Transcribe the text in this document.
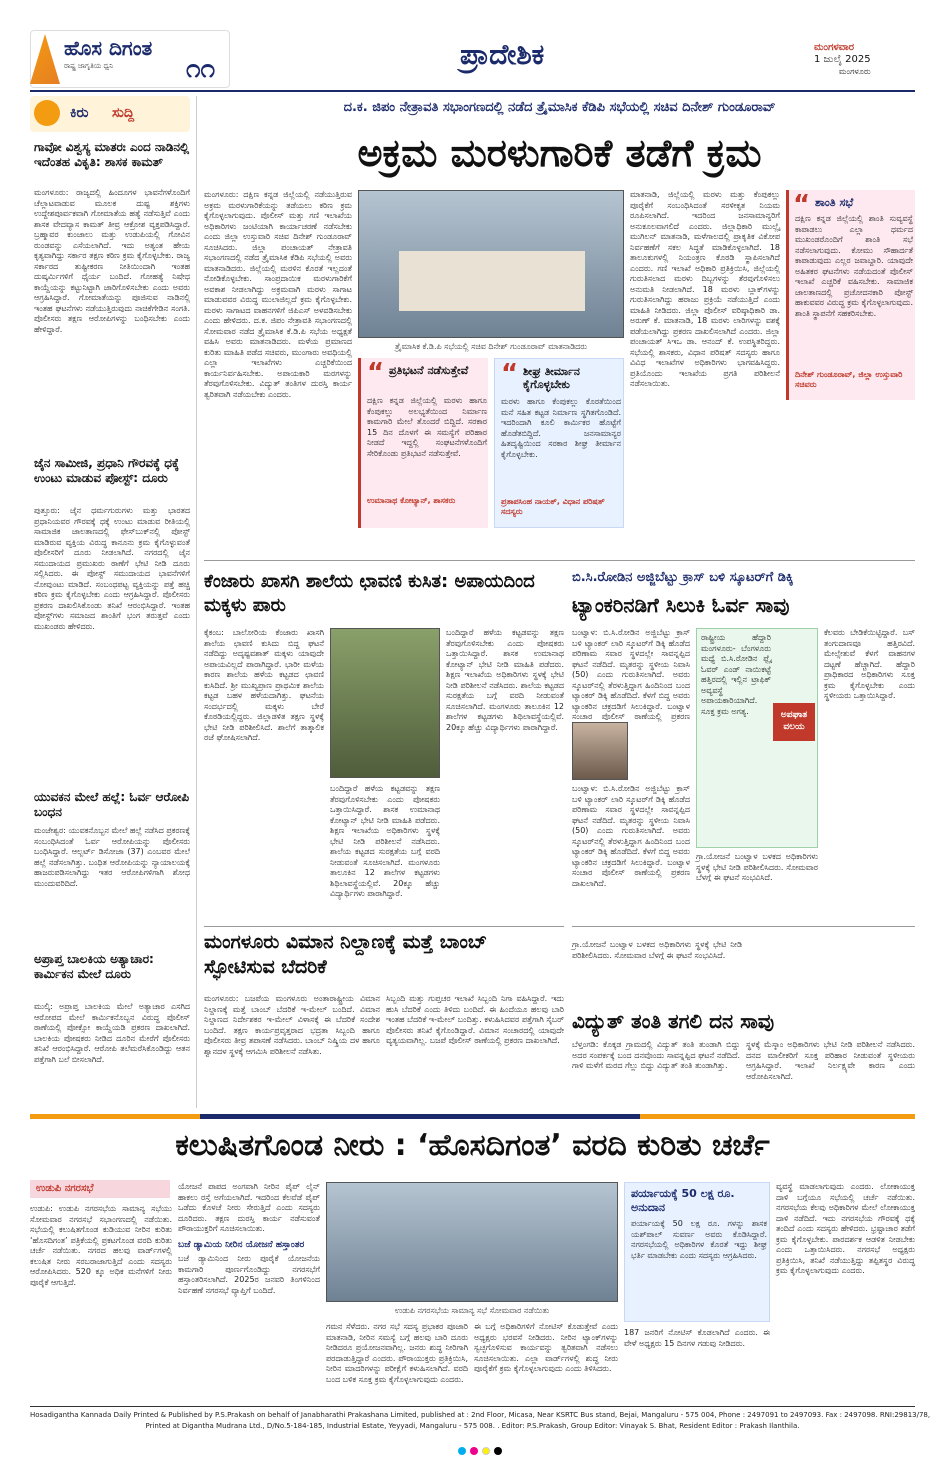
ಹೊಸ ದಿಗಂತ
ರಾಷ್ಟ್ರ ಜಾಗೃತಿಯ ಧ್ವನಿ	೧೧	ಪ್ರಾದೇಶಿಕ	ಮಂಗಳವಾರ
1 ಜುಲೈ 2025
ಮಂಗಳೂರು
ಕಿರು ಸುದ್ದಿ
ಗಾವೋ ವಿಶ್ವಸ್ಯ ಮಾತರಃ ಎಂದ ನಾಡಿನಲ್ಲಿ ಇದೆಂತಹ ವಿಕೃತಿ: ಶಾಸಕ ಕಾಮತ್
ಮಂಗಳೂರು: ರಾಜ್ಯದಲ್ಲಿ ಹಿಂದೂಗಳ ಭಾವನೆಗಳೊಂದಿಗೆ ಚೆಲ್ಲಾಟವಾಡುವ ಮೂಲಕ ದುಷ್ಟ ಶಕ್ತಿಗಳು ಉದ್ದೇಶಪೂರ್ವಕವಾಗಿ ಗೋಮಾತೆಯ ಹತ್ಯೆ ನಡೆಸುತ್ತಿವೆ ಎಂದು ಶಾಸಕ ವೇದವ್ಯಾಸ ಕಾಮತ್ ತೀವ್ರ ಆಕ್ರೋಶ ವ್ಯಕ್ತಪಡಿಸಿದ್ದಾರೆ. ಬ್ರಹ್ಮಾವರ ಕುಂಜಾಲು ಮತ್ತು ಉಡುಪಿಯಲ್ಲಿ ಗೋವಿನ ರುಂಡವನ್ನು ಎಸೆಯಲಾಗಿದೆ. ಇದು ಅತ್ಯಂತ ಹೇಯ ಕೃತ್ಯವಾಗಿದ್ದು ಸರ್ಕಾರ ತಕ್ಷಣ ಕಠಿಣ ಕ್ರಮ ಕೈಗೊಳ್ಳಬೇಕು. ರಾಜ್ಯ ಸರ್ಕಾರದ ತುಷ್ಟೀಕರಣ ನೀತಿಯಿಂದಾಗಿ ಇಂತಹ ದುಷ್ಕರ್ಮಿಗಳಿಗೆ ಧೈರ್ಯ ಬಂದಿದೆ. ಗೋಹತ್ಯೆ ನಿಷೇಧ ಕಾಯ್ದೆಯನ್ನು ಕಟ್ಟುನಿಟ್ಟಾಗಿ ಜಾರಿಗೊಳಿಸಬೇಕು ಎಂದು ಅವರು ಆಗ್ರಹಿಸಿದ್ದಾರೆ. ಗೋಮಾತೆಯನ್ನು ಪೂಜಿಸುವ ನಾಡಿನಲ್ಲಿ ಇಂತಹ ಘಟನೆಗಳು ನಡೆಯುತ್ತಿರುವುದು ನಾಚಿಕೆಗೇಡಿನ ಸಂಗತಿ. ಪೊಲೀಸರು ತಕ್ಷಣ ಆರೋಪಿಗಳನ್ನು ಬಂಧಿಸಬೇಕು ಎಂದು ಹೇಳಿದ್ದಾರೆ.
ಜೈನ ಸಾಮೀಜಿ, ಪ್ರಧಾನಿ ಗೌರವಕ್ಕೆ ಧಕ್ಕೆ ಉಂಟು ಮಾಡುವ ಪೋಸ್ಟ್: ದೂರು
ಪುತ್ತೂರು: ಜೈನ ಧರ್ಮಗುರುಗಳು ಮತ್ತು ಭಾರತದ ಪ್ರಧಾನಿಯವರ ಗೌರವಕ್ಕೆ ಧಕ್ಕೆ ಉಂಟು ಮಾಡುವ ರೀತಿಯಲ್ಲಿ ಸಾಮಾಜಿಕ ಜಾಲತಾಣದಲ್ಲಿ ಫೇಸ್‌ಬುಕ್‌ನಲ್ಲಿ ಪೋಸ್ಟ್ ಮಾಡಿರುವ ವ್ಯಕ್ತಿಯ ವಿರುದ್ಧ ಕಾನೂನು ಕ್ರಮ ಕೈಗೊಳ್ಳುವಂತೆ ಪೊಲೀಸರಿಗೆ ದೂರು ನೀಡಲಾಗಿದೆ. ನಗರದಲ್ಲಿ ಜೈನ ಸಮುದಾಯದ ಪ್ರಮುಖರು ಠಾಣೆಗೆ ಭೇಟಿ ನೀಡಿ ದೂರು ಸಲ್ಲಿಸಿದರು. ಈ ಪೋಸ್ಟ್ ಸಮುದಾಯದ ಭಾವನೆಗಳಿಗೆ ನೋವುಂಟು ಮಾಡಿದೆ. ಸಂಬಂಧಪಟ್ಟ ವ್ಯಕ್ತಿಯನ್ನು ಪತ್ತೆ ಹಚ್ಚಿ ಕಠಿಣ ಕ್ರಮ ಕೈಗೊಳ್ಳಬೇಕು ಎಂದು ಆಗ್ರಹಿಸಿದ್ದಾರೆ. ಪೊಲೀಸರು ಪ್ರಕರಣ ದಾಖಲಿಸಿಕೊಂಡು ತನಿಖೆ ಆರಂಭಿಸಿದ್ದಾರೆ. ಇಂತಹ ಪೋಸ್ಟ್‌ಗಳು ಸಮಾಜದ ಶಾಂತಿಗೆ ಭಂಗ ತರುತ್ತವೆ ಎಂದು ಮುಖಂಡರು ಹೇಳಿದರು.
ಯುವಕನ ಮೇಲೆ ಹಲ್ಲೆ: ಓರ್ವ ಆರೋಪಿ ಬಂಧನ
ಮಂಜೇಶ್ವರ: ಯುವಕನೊಬ್ಬನ ಮೇಲೆ ಹಲ್ಲೆ ನಡೆಸಿದ ಪ್ರಕರಣಕ್ಕೆ ಸಂಬಂಧಿಸಿದಂತೆ ಓರ್ವ ಆರೋಪಿಯನ್ನು ಪೊಲೀಸರು ಬಂಧಿಸಿದ್ದಾರೆ. ಆಲ್ಬರ್ಟ್ ಡಿಸೋಜಾ (37) ಎಂಬವರ ಮೇಲೆ ಹಲ್ಲೆ ನಡೆಸಲಾಗಿತ್ತು. ಬಂಧಿತ ಆರೋಪಿಯನ್ನು ನ್ಯಾಯಾಲಯಕ್ಕೆ ಹಾಜರುಪಡಿಸಲಾಗಿದ್ದು ಇತರ ಆರೋಪಿಗಳಿಗಾಗಿ ಶೋಧ ಮುಂದುವರಿದಿದೆ.
ಅಪ್ರಾಪ್ತ ಬಾಲಕಿಯ ಅತ್ಯಾಚಾರ: ಕಾರ್ಮಿಕನ ಮೇಲೆ ದೂರು
ಮುಲ್ಕಿ: ಅಪ್ರಾಪ್ತ ಬಾಲಕಿಯ ಮೇಲೆ ಅತ್ಯಾಚಾರ ಎಸಗಿದ ಆರೋಪದ ಮೇಲೆ ಕಾರ್ಮಿಕನೊಬ್ಬನ ವಿರುದ್ಧ ಪೊಲೀಸ್ ಠಾಣೆಯಲ್ಲಿ ಪೋಕ್ಸೋ ಕಾಯ್ದೆಯಡಿ ಪ್ರಕರಣ ದಾಖಲಾಗಿದೆ. ಬಾಲಕಿಯ ಪೋಷಕರು ನೀಡಿದ ದೂರಿನ ಮೇರೆಗೆ ಪೊಲೀಸರು ತನಿಖೆ ಆರಂಭಿಸಿದ್ದಾರೆ. ಆರೋಪಿ ತಲೆಮರೆಸಿಕೊಂಡಿದ್ದು ಆತನ ಪತ್ತೆಗಾಗಿ ಬಲೆ ಬೀಸಲಾಗಿದೆ.
ದ.ಕ. ಜಿಪಂ ನೇತ್ರಾವತಿ ಸಭಾಂಗಣದಲ್ಲಿ ನಡೆದ ತ್ರೈಮಾಸಿಕ ಕೆಡಿಪಿ ಸಭೆಯಲ್ಲಿ ಸಚಿವ ದಿನೇಶ್ ಗುಂಡೂರಾವ್
ಅಕ್ರಮ ಮರಳುಗಾರಿಕೆ ತಡೆಗೆ ಕ್ರಮ
ಮಂಗಳೂರು: ದಕ್ಷಿಣ ಕನ್ನಡ ಜಿಲ್ಲೆಯಲ್ಲಿ ನಡೆಯುತ್ತಿರುವ ಅಕ್ರಮ ಮರಳುಗಾರಿಕೆಯನ್ನು ತಡೆಯಲು ಕಠಿಣ ಕ್ರಮ ಕೈಗೊಳ್ಳಲಾಗುವುದು. ಪೊಲೀಸ್ ಮತ್ತು ಗಣಿ ಇಲಾಖೆಯ ಅಧಿಕಾರಿಗಳು ಜಂಟಿಯಾಗಿ ಕಾರ್ಯಾಚರಣೆ ನಡೆಸಬೇಕು ಎಂದು ಜಿಲ್ಲಾ ಉಸ್ತುವಾರಿ ಸಚಿವ ದಿನೇಶ್ ಗುಂಡೂರಾವ್ ಸೂಚಿಸಿದರು. ಜಿಲ್ಲಾ ಪಂಚಾಯತ್ ನೇತ್ರಾವತಿ ಸಭಾಂಗಣದಲ್ಲಿ ನಡೆದ ತ್ರೈಮಾಸಿಕ ಕೆಡಿಪಿ ಸಭೆಯಲ್ಲಿ ಅವರು ಮಾತನಾಡಿದರು. ಜಿಲ್ಲೆಯಲ್ಲಿ ಮರಳಿನ ಕೊರತೆ ಇಲ್ಲದಂತೆ ನೋಡಿಕೊಳ್ಳಬೇಕು. ಸಾಂಪ್ರದಾಯಿಕ ಮರಳುಗಾರಿಕೆಗೆ ಅವಕಾಶ ನೀಡಲಾಗಿದ್ದು ಅಕ್ರಮವಾಗಿ ಮರಳು ಸಾಗಾಟ ಮಾಡುವವರ ವಿರುದ್ಧ ಮುಲಾಜಿಲ್ಲದೆ ಕ್ರಮ ಕೈಗೊಳ್ಳಬೇಕು. ಮರಳು ಸಾಗಾಟದ ವಾಹನಗಳಿಗೆ ಜಿಪಿಎಸ್ ಅಳವಡಿಸಬೇಕು ಎಂದು ಹೇಳಿದರು. ದ.ಕ. ಜಿಪಂ ನೇತ್ರಾವತಿ ಸಭಾಂಗಣದಲ್ಲಿ ಸೋಮವಾರ ನಡೆದ ತ್ರೈಮಾಸಿಕ ಕೆ.ಡಿ.ಪಿ ಸಭೆಯ ಅಧ್ಯಕ್ಷತೆ ವಹಿಸಿ ಅವರು ಮಾತನಾಡಿದರು. ಮಳೆಯ ಪ್ರಮಾಣದ ಕುರಿತು ಮಾಹಿತಿ ಪಡೆದ ಸಚಿವರು, ಮುಂಗಾರು ಅವಧಿಯಲ್ಲಿ ಎಲ್ಲಾ ಇಲಾಖೆಗಳು ಎಚ್ಚರಿಕೆಯಿಂದ ಕಾರ್ಯನಿರ್ವಹಿಸಬೇಕು. ಅಪಾಯಕಾರಿ ಮರಗಳನ್ನು ತೆರವುಗೊಳಿಸಬೇಕು. ವಿದ್ಯುತ್ ತಂತಿಗಳ ದುರಸ್ತಿ ಕಾರ್ಯ ತ್ವರಿತವಾಗಿ ನಡೆಯಬೇಕು ಎಂದರು.
ತ್ರೈಮಾಸಿಕ ಕೆ.ಡಿ.ಪಿ ಸಭೆಯಲ್ಲಿ ಸಚಿವ ದಿನೇಶ್ ಗುಂಡೂರಾವ್ ಮಾತನಾಡಿದರು
“ ಪ್ರತಿಭಟನೆ ನಡೆಸುತ್ತೇವೆ
ದಕ್ಷಿಣ ಕನ್ನಡ ಜಿಲ್ಲೆಯಲ್ಲಿ ಮರಳು ಹಾಗೂ ಕೆಂಪುಕಲ್ಲು ಅಲಭ್ಯತೆಯಿಂದ ನಿರ್ಮಾಣ ಕಾಮಗಾರಿ ಮೇಲೆ ತೊಂದರೆ ಬಿದ್ದಿದೆ. ಸರಕಾರ 15 ದಿನ ದೊಳಗೆ ಈ ಸಮಸ್ಯೆಗೆ ಪರಿಹಾರ ನೀಡದೆ ಇದ್ದಲ್ಲಿ ಸಂಘಟನೆಗಳೊಂದಿಗೆ ಸೇರಿಕೊಂಡು ಪ್ರತಿಭಟನೆ ನಡೆಸುತ್ತೇವೆ.
ಉಮಾನಾಥ ಕೋಟ್ಯಾನ್, ಶಾಸಕರು
“ ಶೀಘ್ರ ತೀರ್ಮಾನ ಕೈಗೊಳ್ಳಬೇಕು
ಮರಳು ಹಾಗೂ ಕೆಂಪುಕಲ್ಲು ಕೊರತೆಯಿಂದ ಮನೆ ಸಹಿತ ಕಟ್ಟಡ ನಿರ್ಮಾಣ ಸ್ಥಗಿತಗೊಂಡಿದೆ. ಇದರಿಂದಾಗಿ ಕೂಲಿ ಕಾರ್ಮಿಕರ ಹೊಟ್ಟೆಗೆ ಹೊಡೆತಬಿದ್ದಿದೆ. ಜನಸಾಮಾನ್ಯರ ಹಿತದೃಷ್ಟಿಯಿಂದ ಸರಕಾರ ಶೀಘ್ರ ತೀರ್ಮಾನ ಕೈಗೊಳ್ಳಬೇಕು.
ಪ್ರತಾಪಸಿಂಹ ನಾಯಕ್, ವಿಧಾನ ಪರಿಷತ್ ಸದಸ್ಯರು
ಮಾತನಾಡಿ, ಜಿಲ್ಲೆಯಲ್ಲಿ ಮರಳು ಮತ್ತು ಕೆಂಪುಕಲ್ಲು ಪೂರೈಕೆಗೆ ಸಂಬಂಧಿಸಿದಂತೆ ಸರಳೀಕೃತ ನಿಯಮ ರೂಪಿಸಲಾಗಿದೆ. ಇದರಿಂದ ಜನಸಾಮಾನ್ಯರಿಗೆ ಅನುಕೂಲವಾಗಲಿದೆ ಎಂದರು. ಜಿಲ್ಲಾಧಿಕಾರಿ ಮುಲ್ಲೈ ಮುಗಿಲನ್ ಮಾತನಾಡಿ, ಮಳೆಗಾಲದಲ್ಲಿ ಪ್ರಾಕೃತಿಕ ವಿಕೋಪ ನಿರ್ವಹಣೆಗೆ ಸಕಲ ಸಿದ್ಧತೆ ಮಾಡಿಕೊಳ್ಳಲಾಗಿದೆ. 18 ತಾಲೂಕುಗಳಲ್ಲಿ ನಿಯಂತ್ರಣ ಕೊಠಡಿ ಸ್ಥಾಪಿಸಲಾಗಿದೆ ಎಂದರು. ಗಣಿ ಇಲಾಖೆ ಅಧಿಕಾರಿ ಪ್ರತಿಕ್ರಿಯಿಸಿ, ಜಿಲ್ಲೆಯಲ್ಲಿ ಗುರುತಿಸಲಾದ ಮರಳು ದಿಬ್ಬಗಳನ್ನು ತೆರವುಗೊಳಿಸಲು ಅನುಮತಿ ನೀಡಲಾಗಿದೆ. 18 ಮರಳು ಬ್ಲಾಕ್‌ಗಳನ್ನು ಗುರುತಿಸಲಾಗಿದ್ದು ಹರಾಜು ಪ್ರಕ್ರಿಯೆ ನಡೆಯುತ್ತಿದೆ ಎಂದು ಮಾಹಿತಿ ನೀಡಿದರು. ಜಿಲ್ಲಾ ಪೊಲೀಸ್ ವರಿಷ್ಠಾಧಿಕಾರಿ ಡಾ. ಅರುಣ್ ಕೆ. ಮಾತನಾಡಿ, 18 ಮರಳು ಲಾರಿಗಳನ್ನು ವಶಕ್ಕೆ ಪಡೆಯಲಾಗಿದ್ದು ಪ್ರಕರಣ ದಾಖಲಿಸಲಾಗಿದೆ ಎಂದರು. ಜಿಲ್ಲಾ ಪಂಚಾಯತ್ ಸಿಇಒ ಡಾ. ಆನಂದ್ ಕೆ. ಉಪಸ್ಥಿತರಿದ್ದರು. ಸಭೆಯಲ್ಲಿ ಶಾಸಕರು, ವಿಧಾನ ಪರಿಷತ್ ಸದಸ್ಯರು ಹಾಗೂ ವಿವಿಧ ಇಲಾಖೆಗಳ ಅಧಿಕಾರಿಗಳು ಭಾಗವಹಿಸಿದ್ದರು. ಪ್ರತಿಯೊಂದು ಇಲಾಖೆಯ ಪ್ರಗತಿ ಪರಿಶೀಲನೆ ನಡೆಸಲಾಯಿತು.
“ ಶಾಂತಿ ಸಭೆ
ದಕ್ಷಿಣ ಕನ್ನಡ ಜಿಲ್ಲೆಯಲ್ಲಿ ಶಾಂತಿ ಸುವ್ಯವಸ್ಥೆ ಕಾಪಾಡಲು ಎಲ್ಲಾ ಧರ್ಮದ ಮುಖಂಡರೊಂದಿಗೆ ಶಾಂತಿ ಸಭೆ ನಡೆಸಲಾಗುವುದು. ಕೋಮು ಸೌಹಾರ್ದತೆ ಕಾಪಾಡುವುದು ಎಲ್ಲರ ಜವಾಬ್ದಾರಿ. ಯಾವುದೇ ಅಹಿತಕರ ಘಟನೆಗಳು ನಡೆಯದಂತೆ ಪೊಲೀಸ್ ಇಲಾಖೆ ಎಚ್ಚರಿಕೆ ವಹಿಸಬೇಕು. ಸಾಮಾಜಿಕ ಜಾಲತಾಣದಲ್ಲಿ ಪ್ರಚೋದನಕಾರಿ ಪೋಸ್ಟ್ ಹಾಕುವವರ ವಿರುದ್ಧ ಕ್ರಮ ಕೈಗೊಳ್ಳಲಾಗುವುದು. ಶಾಂತಿ ಸ್ಥಾಪನೆಗೆ ಸಹಕರಿಸಬೇಕು.
ದಿನೇಶ್ ಗುಂಡೂರಾವ್, ಜಿಲ್ಲಾ ಉಸ್ತುವಾರಿ ಸಚಿವರು
ಕೆಂಜಾರು ಖಾಸಗಿ ಶಾಲೆಯ ಛಾವಣಿ ಕುಸಿತ: ಅಪಾಯದಿಂದ ಮಕ್ಕಳು ಪಾರು
ಕೈಕಂಬ: ಬಾಲೋರಿಯ ಕೆಂಜಾರು ಖಾಸಗಿ ಶಾಲೆಯ ಛಾವಣಿ ಕುಸಿದು ಬಿದ್ದ ಘಟನೆ ನಡೆದಿದ್ದು ಅದೃಷ್ಟವಶಾತ್ ಮಕ್ಕಳು ಯಾವುದೇ ಅಪಾಯವಿಲ್ಲದೆ ಪಾರಾಗಿದ್ದಾರೆ. ಭಾರೀ ಮಳೆಯ ಕಾರಣ ಶಾಲೆಯ ಹಳೆಯ ಕಟ್ಟಡದ ಛಾವಣಿ ಕುಸಿದಿದೆ. ಶ್ರೀ ಮುಖ್ಯಪ್ರಾಣ ಪ್ರಾಥಮಿಕ ಶಾಲೆಯ ಕಟ್ಟಡ ಬಹಳ ಹಳೆಯದಾಗಿತ್ತು. ಘಟನೆಯ ಸಂದರ್ಭದಲ್ಲಿ ಮಕ್ಕಳು ಬೇರೆ ಕೊಠಡಿಯಲ್ಲಿದ್ದರು. ಜಿಲ್ಲಾಡಳಿತ ತಕ್ಷಣ ಸ್ಥಳಕ್ಕೆ ಭೇಟಿ ನೀಡಿ ಪರಿಶೀಲಿಸಿದೆ. ಶಾಲೆಗೆ ತಾತ್ಕಾಲಿಕ ರಜೆ ಘೋಷಿಸಲಾಗಿದೆ.
ಬಂದಿದ್ದಾರೆ ಹಳೆಯ ಕಟ್ಟಡವನ್ನು ತಕ್ಷಣ ತೆರವುಗೊಳಿಸಬೇಕು ಎಂದು ಪೋಷಕರು ಒತ್ತಾಯಿಸಿದ್ದಾರೆ. ಶಾಸಕ ಉಮಾನಾಥ ಕೋಟ್ಯಾನ್ ಭೇಟಿ ನೀಡಿ ಮಾಹಿತಿ ಪಡೆದರು. ಶಿಕ್ಷಣ ಇಲಾಖೆಯ ಅಧಿಕಾರಿಗಳು ಸ್ಥಳಕ್ಕೆ ಭೇಟಿ ನೀಡಿ ಪರಿಶೀಲನೆ ನಡೆಸಿದರು. ಶಾಲೆಯ ಕಟ್ಟಡದ ಸುರಕ್ಷತೆಯ ಬಗ್ಗೆ ವರದಿ ನೀಡುವಂತೆ ಸೂಚಿಸಲಾಗಿದೆ. ಮಂಗಳೂರು ತಾಲೂಕಿನ 12 ಶಾಲೆಗಳ ಕಟ್ಟಡಗಳು ಶಿಥಿಲಾವಸ್ಥೆಯಲ್ಲಿವೆ. 20ಕ್ಕೂ ಹೆಚ್ಚು ವಿದ್ಯಾರ್ಥಿಗಳು ಪಾರಾಗಿದ್ದಾರೆ.
ಬಂದಿದ್ದಾರೆ ಹಳೆಯ ಕಟ್ಟಡವನ್ನು ತಕ್ಷಣ ತೆರವುಗೊಳಿಸಬೇಕು ಎಂದು ಪೋಷಕರು ಒತ್ತಾಯಿಸಿದ್ದಾರೆ. ಶಾಸಕ ಉಮಾನಾಥ ಕೋಟ್ಯಾನ್ ಭೇಟಿ ನೀಡಿ ಮಾಹಿತಿ ಪಡೆದರು. ಶಿಕ್ಷಣ ಇಲಾಖೆಯ ಅಧಿಕಾರಿಗಳು ಸ್ಥಳಕ್ಕೆ ಭೇಟಿ ನೀಡಿ ಪರಿಶೀಲನೆ ನಡೆಸಿದರು. ಶಾಲೆಯ ಕಟ್ಟಡದ ಸುರಕ್ಷತೆಯ ಬಗ್ಗೆ ವರದಿ ನೀಡುವಂತೆ ಸೂಚಿಸಲಾಗಿದೆ. ಮಂಗಳೂರು ತಾಲೂಕಿನ 12 ಶಾಲೆಗಳ ಕಟ್ಟಡಗಳು ಶಿಥಿಲಾವಸ್ಥೆಯಲ್ಲಿವೆ. 20ಕ್ಕೂ ಹೆಚ್ಚು ವಿದ್ಯಾರ್ಥಿಗಳು ಪಾರಾಗಿದ್ದಾರೆ.
ಬಿ.ಸಿ.ರೋಡಿನ ಅಜ್ಜಿಬೆಟ್ಟು ಕ್ರಾಸ್ ಬಳಿ ಸ್ಕೂಟರ್‌ಗೆ ಡಿಕ್ಕಿ
ಟ್ಯಾಂಕರಿನಡಿಗೆ ಸಿಲುಕಿ ಓರ್ವ ಸಾವು
ಬಂಟ್ವಾಳ: ಬಿ.ಸಿ.ರೋಡಿನ ಅಜ್ಜಿಬೆಟ್ಟು ಕ್ರಾಸ್ ಬಳಿ ಟ್ಯಾಂಕರ್ ಲಾರಿ ಸ್ಕೂಟರ್‌ಗೆ ಡಿಕ್ಕಿ ಹೊಡೆದ ಪರಿಣಾಮ ಸವಾರ ಸ್ಥಳದಲ್ಲೇ ಸಾವನ್ನಪ್ಪಿದ ಘಟನೆ ನಡೆದಿದೆ. ಮೃತರನ್ನು ಸ್ಥಳೀಯ ನಿವಾಸಿ (50) ಎಂದು ಗುರುತಿಸಲಾಗಿದೆ. ಅವರು ಸ್ಕೂಟರ್‌ನಲ್ಲಿ ತೆರಳುತ್ತಿದ್ದಾಗ ಹಿಂದಿನಿಂದ ಬಂದ ಟ್ಯಾಂಕರ್ ಡಿಕ್ಕಿ ಹೊಡೆದಿದೆ. ಕೆಳಗೆ ಬಿದ್ದ ಅವರು ಟ್ಯಾಂಕರಿನ ಚಕ್ರದಡಿಗೆ ಸಿಲುಕಿದ್ದಾರೆ. ಬಂಟ್ವಾಳ ಸಂಚಾರ ಪೊಲೀಸ್ ಠಾಣೆಯಲ್ಲಿ ಪ್ರಕರಣ
ಬಂಟ್ವಾಳ: ಬಿ.ಸಿ.ರೋಡಿನ ಅಜ್ಜಿಬೆಟ್ಟು ಕ್ರಾಸ್ ಬಳಿ ಟ್ಯಾಂಕರ್ ಲಾರಿ ಸ್ಕೂಟರ್‌ಗೆ ಡಿಕ್ಕಿ ಹೊಡೆದ ಪರಿಣಾಮ ಸವಾರ ಸ್ಥಳದಲ್ಲೇ ಸಾವನ್ನಪ್ಪಿದ ಘಟನೆ ನಡೆದಿದೆ. ಮೃತರನ್ನು ಸ್ಥಳೀಯ ನಿವಾಸಿ (50) ಎಂದು ಗುರುತಿಸಲಾಗಿದೆ. ಅವರು ಸ್ಕೂಟರ್‌ನಲ್ಲಿ ತೆರಳುತ್ತಿದ್ದಾಗ ಹಿಂದಿನಿಂದ ಬಂದ ಟ್ಯಾಂಕರ್ ಡಿಕ್ಕಿ ಹೊಡೆದಿದೆ. ಕೆಳಗೆ ಬಿದ್ದ ಅವರು ಟ್ಯಾಂಕರಿನ ಚಕ್ರದಡಿಗೆ ಸಿಲುಕಿದ್ದಾರೆ. ಬಂಟ್ವಾಳ ಸಂಚಾರ ಪೊಲೀಸ್ ಠಾಣೆಯಲ್ಲಿ ಪ್ರಕರಣ ದಾಖಲಾಗಿದೆ.
ರಾಷ್ಟ್ರೀಯ ಹೆದ್ದಾರಿ ಮಂಗಳೂರು- ಬೆಂಗಳೂರು ಮಧ್ಯೆ ಬಿ.ಸಿ.ರೋಡಿನ ಫ್ಲೈ ಓವರ್ ಎಂಡ್ ನಾಯಿಕಟ್ಟೆ ಹತ್ತಿರದಲ್ಲಿ ಇಲ್ಲಿನ ಟ್ರಾಫಿಕ್ ಅವ್ಯವಸ್ಥೆ ಅಪಾಯಕಾರಿಯಾಗಿದೆ. ಸೂಕ್ತ ಕ್ರಮ ಅಗತ್ಯ.	ಅಪಘಾತ
ವಲಯ
ಗ್ರಾ.ಯೋಜನೆ ಬಂಟ್ವಾಳ ಬಳಕದ ಅಧಿಕಾರಿಗಳು ಸ್ಥಳಕ್ಕೆ ಭೇಟಿ ನೀಡಿ ಪರಿಶೀಲಿಸಿದರು. ಸೋಮವಾರ ಬೆಳಗ್ಗೆ ಈ ಘಟನೆ ಸಂಭವಿಸಿದೆ.
ಕೆಲವರು ಬೇಡಿಕೆಯಿಟ್ಟಿದ್ದಾರೆ. ಬಸ್ ತಂಗುದಾಣವೂ ಹತ್ತಿರವಿದೆ. ಮೇಲ್ಸೇತುವೆ ಕೆಳಗೆ ವಾಹನಗಳ ದಟ್ಟಣೆ ಹೆಚ್ಚಾಗಿದೆ. ಹೆದ್ದಾರಿ ಪ್ರಾಧಿಕಾರದ ಅಧಿಕಾರಿಗಳು ಸೂಕ್ತ ಕ್ರಮ ಕೈಗೊಳ್ಳಬೇಕು ಎಂದು ಸ್ಥಳೀಯರು ಒತ್ತಾಯಿಸಿದ್ದಾರೆ.
ಮಂಗಳೂರು ವಿಮಾನ ನಿಲ್ದಾಣಕ್ಕೆ ಮತ್ತೆ ಬಾಂಬ್ ಸ್ಫೋಟಿಸುವ ಬೆದರಿಕೆ
ಮಂಗಳೂರು: ಬಜಪೆಯ ಮಂಗಳೂರು ಅಂತಾರಾಷ್ಟ್ರೀಯ ವಿಮಾನ ನಿಲ್ದಾಣಕ್ಕೆ ಮತ್ತೆ ಬಾಂಬ್ ಬೆದರಿಕೆ ಇ-ಮೇಲ್ ಬಂದಿದೆ. ವಿಮಾನ ನಿಲ್ದಾಣದ ನಿರ್ದೇಶಕರ ಇ-ಮೇಲ್ ವಿಳಾಸಕ್ಕೆ ಈ ಬೆದರಿಕೆ ಸಂದೇಶ ಬಂದಿದೆ. ತಕ್ಷಣ ಕಾರ್ಯಪ್ರವೃತ್ತರಾದ ಭದ್ರತಾ ಸಿಬ್ಬಂದಿ ಹಾಗೂ ಪೊಲೀಸರು ತೀವ್ರ ತಪಾಸಣೆ ನಡೆಸಿದರು. ಬಾಂಬ್ ನಿಷ್ಕ್ರಿಯ ದಳ ಹಾಗೂ ಶ್ವಾನದಳ ಸ್ಥಳಕ್ಕೆ ಆಗಮಿಸಿ ಪರಿಶೀಲನೆ ನಡೆಸಿತು.
ಸಿಬ್ಬಂದಿ ಮತ್ತು ಗುಪ್ತಚರ ಇಲಾಖೆ ಸಿಬ್ಬಂದಿ ನಿಗಾ ವಹಿಸಿದ್ದಾರೆ. ಇದು ಹುಸಿ ಬೆದರಿಕೆ ಎಂದು ತಿಳಿದು ಬಂದಿದೆ. ಈ ಹಿಂದೆಯೂ ಹಲವು ಬಾರಿ ಇಂತಹ ಬೆದರಿಕೆ ಇ-ಮೇಲ್ ಬಂದಿತ್ತು. ಕಳುಹಿಸಿದವರ ಪತ್ತೆಗಾಗಿ ಸೈಬರ್ ಪೊಲೀಸರು ತನಿಖೆ ಕೈಗೊಂಡಿದ್ದಾರೆ. ವಿಮಾನ ಸಂಚಾರದಲ್ಲಿ ಯಾವುದೇ ವ್ಯತ್ಯಯವಾಗಿಲ್ಲ. ಬಜಪೆ ಪೊಲೀಸ್ ಠಾಣೆಯಲ್ಲಿ ಪ್ರಕರಣ ದಾಖಲಾಗಿದೆ.
ವಿದ್ಯುತ್ ತಂತಿ ತಗಲಿ ದನ ಸಾವು
ಗ್ರಾ.ಯೋಜನೆ ಬಂಟ್ವಾಳ ಬಳಕದ ಅಧಿಕಾರಿಗಳು ಸ್ಥಳಕ್ಕೆ ಭೇಟಿ ನೀಡಿ ಪರಿಶೀಲಿಸಿದರು. ಸೋಮವಾರ ಬೆಳಗ್ಗೆ ಈ ಘಟನೆ ಸಂಭವಿಸಿದೆ.
ಬೆಳ್ತಂಗಡಿ: ಕೊಕ್ಕಡ ಗ್ರಾಮದಲ್ಲಿ ವಿದ್ಯುತ್ ತಂತಿ ತುಂಡಾಗಿ ಬಿದ್ದು ಅದರ ಸಂಪರ್ಕಕ್ಕೆ ಬಂದ ದನವೊಂದು ಸಾವನ್ನಪ್ಪಿದ ಘಟನೆ ನಡೆದಿದೆ. ಗಾಳಿ ಮಳೆಗೆ ಮರದ ಗೆಲ್ಲು ಬಿದ್ದು ವಿದ್ಯುತ್ ತಂತಿ ತುಂಡಾಗಿತ್ತು.
ಸ್ಥಳಕ್ಕೆ ಮೆಸ್ಕಾಂ ಅಧಿಕಾರಿಗಳು ಭೇಟಿ ನೀಡಿ ಪರಿಶೀಲನೆ ನಡೆಸಿದರು. ದನದ ಮಾಲೀಕರಿಗೆ ಸೂಕ್ತ ಪರಿಹಾರ ನೀಡುವಂತೆ ಸ್ಥಳೀಯರು ಆಗ್ರಹಿಸಿದ್ದಾರೆ. ಇಲಾಖೆ ನಿರ್ಲಕ್ಷ್ಯವೇ ಕಾರಣ ಎಂದು ಆರೋಪಿಸಲಾಗಿದೆ.
ಕಲುಷಿತಗೊಂಡ ನೀರು : ‘ಹೊಸದಿಗಂತ’ ವರದಿ ಕುರಿತು ಚರ್ಚೆ
ಉಡುಪಿ ನಗರಸಭೆ
ಉಡುಪಿ: ಉಡುಪಿ ನಗರಸಭೆಯ ಸಾಮಾನ್ಯ ಸಭೆಯು ಸೋಮವಾರ ನಗರಸಭೆ ಸಭಾಂಗಣದಲ್ಲಿ ನಡೆಯಿತು. ಸಭೆಯಲ್ಲಿ ಕಲುಷಿತಗೊಂಡ ಕುಡಿಯುವ ನೀರಿನ ಕುರಿತು ‘ಹೊಸದಿಗಂತ’ ಪತ್ರಿಕೆಯಲ್ಲಿ ಪ್ರಕಟಗೊಂಡ ವರದಿ ಕುರಿತು ಚರ್ಚೆ ನಡೆಯಿತು. ನಗರದ ಹಲವು ವಾರ್ಡ್‌ಗಳಲ್ಲಿ ಕಲುಷಿತ ನೀರು ಸರಬರಾಜಾಗುತ್ತಿದೆ ಎಂದು ಸದಸ್ಯರು ಆರೋಪಿಸಿದರು. 520 ಕ್ಕೂ ಅಧಿಕ ಮನೆಗಳಿಗೆ ನೀರು ಪೂರೈಕೆ ಆಗುತ್ತಿದೆ.
ಯೋಜನೆ ಪಾಪದ ಅಂಗವಾಗಿ ನೀರಿನ ಪೈಪ್ ಲೈನ್ ಹಾಕಲು ರಸ್ತೆ ಅಗೆಯಲಾಗಿದೆ. ಇದರಿಂದ ಕೆಲವೆಡೆ ಪೈಪ್ ಒಡೆದು ಕೊಳಚೆ ನೀರು ಸೇರುತ್ತಿದೆ ಎಂದು ಸದಸ್ಯರು ದೂರಿದರು. ತಕ್ಷಣ ದುರಸ್ತಿ ಕಾರ್ಯ ನಡೆಸುವಂತೆ ಪೌರಾಯುಕ್ತರಿಗೆ ಸೂಚಿಸಲಾಯಿತು.
ಬಜೆ ಡ್ಯಾಮಿಯ ನೀರಿನ ಯೋಜನೆ ಹಸ್ತಾಂತರ
ಬಜೆ ಡ್ಯಾಮಿನಿಂದ ನೀರು ಪೂರೈಕೆ ಯೋಜನೆಯ ಕಾಮಗಾರಿ ಪೂರ್ಣಗೊಂಡಿದ್ದು ನಗರಸಭೆಗೆ ಹಸ್ತಾಂತರಿಸಲಾಗಿದೆ. 2025ರ ಜನವರಿ ತಿಂಗಳಿನಿಂದ ನಿರ್ವಹಣೆ ನಗರಸಭೆ ವ್ಯಾಪ್ತಿಗೆ ಬಂದಿದೆ.
ಉಡುಪಿ ನಗರಸಭೆಯ ಸಾಮಾನ್ಯ ಸಭೆ ಸೋಮವಾರ ನಡೆಯಿತು
ಗಮನ ಸೆಳೆದರು. ನಗರ ಸಭೆ ಸದಸ್ಯ ಪ್ರಭಾಕರ ಪೂಜಾರಿ ಮಾತನಾಡಿ, ನೀರಿನ ಸಮಸ್ಯೆ ಬಗ್ಗೆ ಹಲವು ಬಾರಿ ದೂರು ನೀಡಿದರೂ ಪ್ರಯೋಜನವಾಗಿಲ್ಲ. ಜನರು ಶುದ್ಧ ನೀರಿಗಾಗಿ ಪರದಾಡುತ್ತಿದ್ದಾರೆ ಎಂದರು. ಪೌರಾಯುಕ್ತರು ಪ್ರತಿಕ್ರಿಯಿಸಿ, ನೀರಿನ ಮಾದರಿಗಳನ್ನು ಪರೀಕ್ಷೆಗೆ ಕಳುಹಿಸಲಾಗಿದೆ. ವರದಿ ಬಂದ ಬಳಿಕ ಸೂಕ್ತ ಕ್ರಮ ಕೈಗೊಳ್ಳಲಾಗುವುದು ಎಂದರು.
ಈ ಬಗ್ಗೆ ಅಧಿಕಾರಿಗಳಿಗೆ ನೋಟಿಸ್ ಕೊಡುತ್ತೇವೆ ಎಂದು ಅಧ್ಯಕ್ಷರು ಭರವಸೆ ನೀಡಿದರು. ನೀರಿನ ಟ್ಯಾಂಕ್‌ಗಳನ್ನು ಸ್ವಚ್ಛಗೊಳಿಸುವ ಕಾರ್ಯವನ್ನು ತ್ವರಿತವಾಗಿ ನಡೆಸಲು ಸೂಚಿಸಲಾಯಿತು. ಎಲ್ಲಾ ವಾರ್ಡ್‌ಗಳಲ್ಲಿ ಶುದ್ಧ ನೀರು ಪೂರೈಕೆಗೆ ಕ್ರಮ ಕೈಗೊಳ್ಳಲಾಗುವುದು ಎಂದು ತಿಳಿಸಿದರು.
ಪರ್ಯಾಯಕ್ಕೆ 50 ಲಕ್ಷ ರೂ. ಅನುದಾನ
ಪರ್ಯಾಯಕ್ಕೆ 50 ಲಕ್ಷ ರೂ. ಗಳನ್ನು ಶಾಸಕ ಯಶ್‌ಪಾಲ್ ಸುವರ್ಣ ಅವರು ಕೊಡಿಸಿದ್ದಾರೆ. ನಗರಸಭೆಯಲ್ಲಿ ಅಧಿಕಾರಿಗಳ ಕೊರತೆ ಇದ್ದು ಶೀಘ್ರ ಭರ್ತಿ ಮಾಡಬೇಕು ಎಂದು ಸದಸ್ಯರು ಆಗ್ರಹಿಸಿದರು.
187 ಜನರಿಗೆ ನೋಟಿಸ್ ಕೊಡಲಾಗಿದೆ ಎಂದರು. ಈ ವೇಳೆ ಅಧ್ಯಕ್ಷರು 15 ದಿನಗಳ ಗಡುವು ನೀಡಿದರು.
ವ್ಯವಸ್ಥೆ ಮಾಡಲಾಗುವುದು ಎಂದರು. ಲೋಕಾಯುಕ್ತ ದಾಳಿ ಬಗ್ಗೆಯೂ ಸಭೆಯಲ್ಲಿ ಚರ್ಚೆ ನಡೆಯಿತು. ನಗರಸಭೆಯ ಕೆಲವು ಅಧಿಕಾರಿಗಳ ಮೇಲೆ ಲೋಕಾಯುಕ್ತ ದಾಳಿ ನಡೆದಿದೆ. ಇದು ನಗರಸಭೆಯ ಗೌರವಕ್ಕೆ ಧಕ್ಕೆ ತಂದಿದೆ ಎಂದು ಸದಸ್ಯರು ಹೇಳಿದರು. ಭ್ರಷ್ಟಾಚಾರ ತಡೆಗೆ ಕ್ರಮ ಕೈಗೊಳ್ಳಬೇಕು. ಪಾರದರ್ಶಕ ಆಡಳಿತ ನೀಡಬೇಕು ಎಂದು ಒತ್ತಾಯಿಸಿದರು. ನಗರಸಭೆ ಅಧ್ಯಕ್ಷರು ಪ್ರತಿಕ್ರಿಯಿಸಿ, ತನಿಖೆ ನಡೆಯುತ್ತಿದ್ದು ತಪ್ಪಿತಸ್ಥರ ವಿರುದ್ಧ ಕ್ರಮ ಕೈಗೊಳ್ಳಲಾಗುವುದು ಎಂದರು.
Hosadigantha Kannada Daily Printed & Published by P.S.Prakash on behalf of Janabharathi Prakashana Limited, published at : 2nd Floor, Micasa, Near KSRTC Bus stand, Bejai, Mangaluru - 575 004, Phone : 2497091 to 2497093. Fax : 2497098. RNI:29813/78,
Printed at Digantha Mudrana Ltd., D/No.5-184-185, Industrial Estate, Yeyyadi, Mangaluru - 575 008. . Editor: P.S.Prakash, Group Editor: Vinayak S. Bhat, Resident Editor : Prakash Ilanthila.
